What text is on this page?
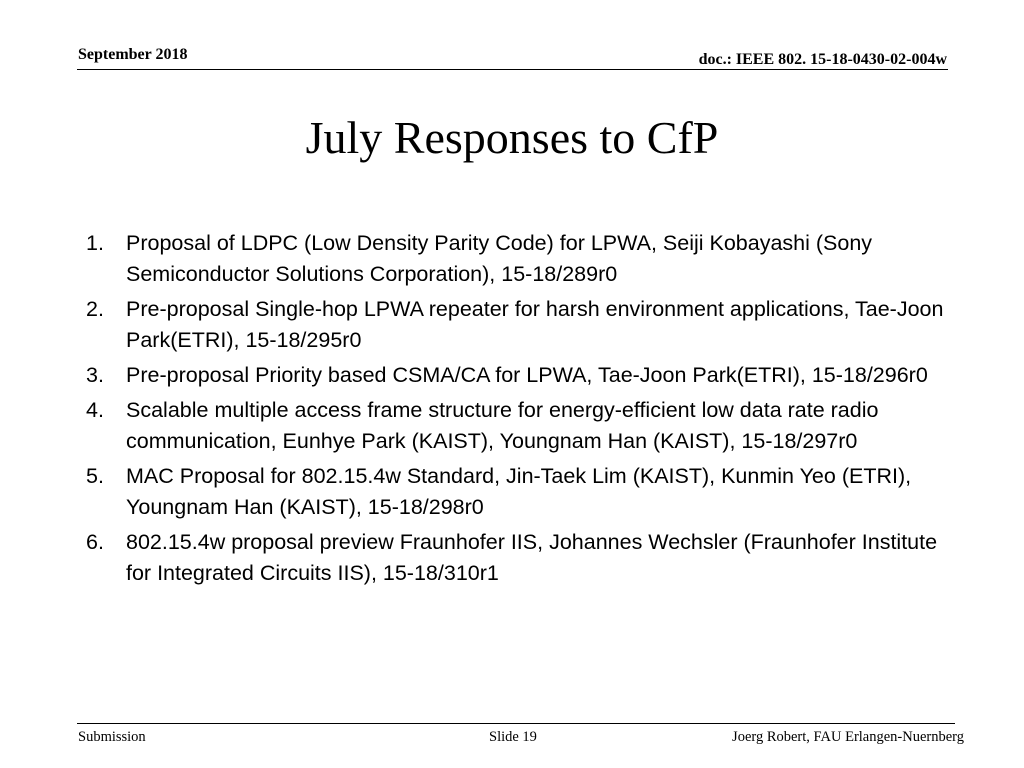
September 2018	doc.: IEEE 802. 15-18-0430-02-004w
July Responses to CfP
1. Proposal of LDPC (Low Density Parity Code) for LPWA, Seiji Kobayashi (Sony Semiconductor Solutions Corporation), 15-18/289r0
2. Pre-proposal Single-hop LPWA repeater for harsh environment applications, Tae-Joon Park(ETRI), 15-18/295r0
3. Pre-proposal Priority based CSMA/CA for LPWA, Tae-Joon Park(ETRI), 15-18/296r0
4. Scalable multiple access frame structure for energy-efficient low data rate radio communication, Eunhye Park (KAIST), Youngnam Han (KAIST), 15-18/297r0
5. MAC Proposal for 802.15.4w Standard, Jin-Taek Lim (KAIST), Kunmin Yeo (ETRI), Youngnam Han (KAIST), 15-18/298r0
6. 802.15.4w proposal preview Fraunhofer IIS, Johannes Wechsler (Fraunhofer Institute for Integrated Circuits IIS), 15-18/310r1
Submission	Slide 19	Joerg Robert, FAU Erlangen-Nuernberg
